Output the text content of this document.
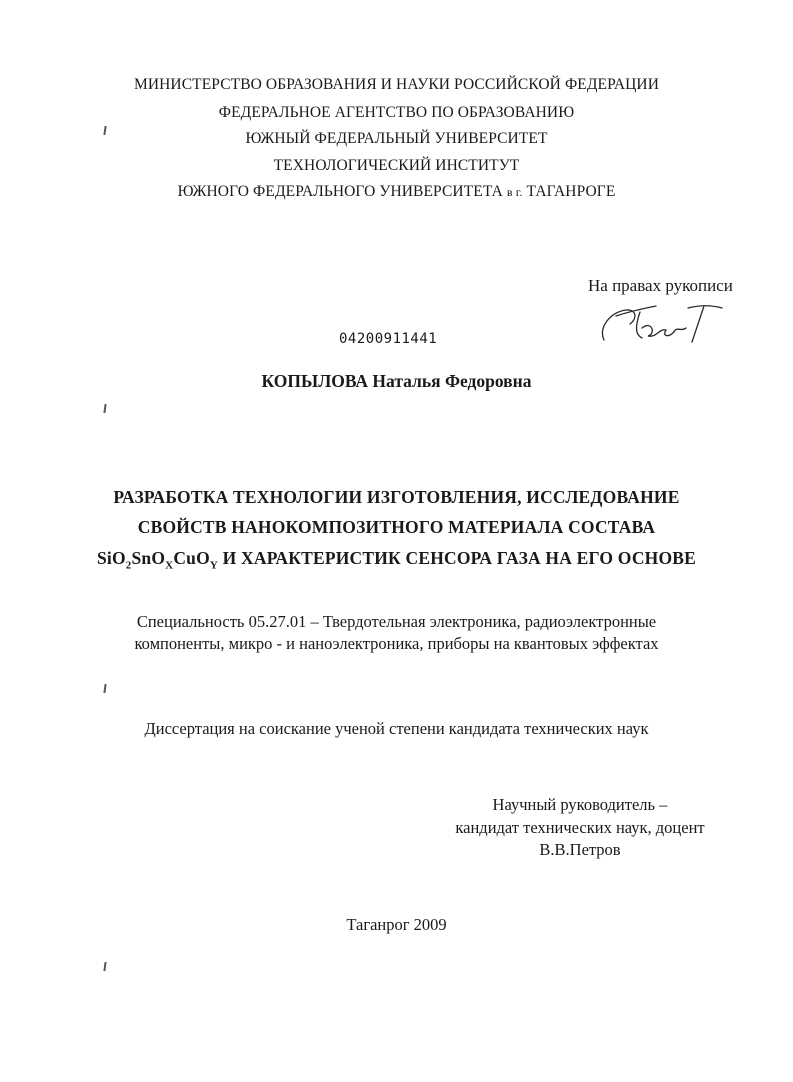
МИНИСТЕРСТВО ОБРАЗОВАНИЯ И НАУКИ РОССИЙСКОЙ ФЕДЕРАЦИИ
ФЕДЕРАЛЬНОЕ АГЕНТСТВО ПО ОБРАЗОВАНИЮ
ЮЖНЫЙ ФЕДЕРАЛЬНЫЙ УНИВЕРСИТЕТ
ТЕХНОЛОГИЧЕСКИЙ ИНСТИТУТ
ЮЖНОГО ФЕДЕРАЛЬНОГО УНИВЕРСИТЕТА в г. ТАГАНРОГЕ
На правах рукописи
04200911441
КОПЫЛОВА Наталья Федоровна
РАЗРАБОТКА ТЕХНОЛОГИИ ИЗГОТОВЛЕНИЯ, ИССЛЕДОВАНИЕ
СВОЙСТВ НАНОКОМПОЗИТНОГО МАТЕРИАЛА СОСТАВА
SiO$_2$SnO$_X$CuO$_Y$ И ХАРАКТЕРИСТИК СЕНСОРА ГАЗА НА ЕГО ОСНОВЕ
Специальность 05.27.01 – Твердотельная электроника, радиоэлектронные
компоненты, микро - и наноэлектроника, приборы на квантовых эффектах
Диссертация на соискание ученой степени кандидата технических наук
Научный руководитель –
кандидат технических наук, доцент
В.В.Петров
Таганрог 2009
